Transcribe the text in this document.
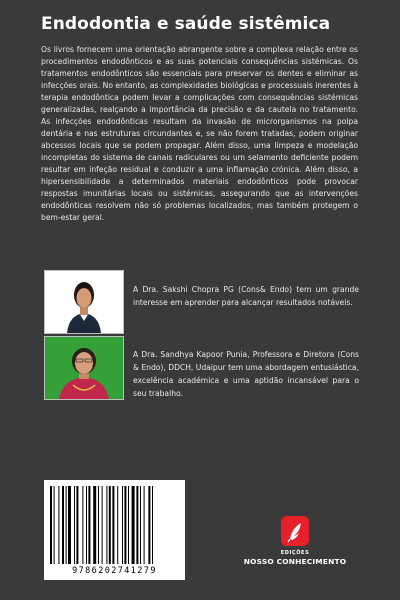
Endodontia e saúde sistêmica
Os livros fornecem uma orientação abrangente sobre a complexa relação entre os procedimentos endodônticos e as suas potenciais consequências sistémicas. Os tratamentos endodônticos são essenciais para preservar os dentes e eliminar as infecções orais. No entanto, as complexidades biológicas e processuais inerentes à terapia endodôntica podem levar a complicações com consequências sistémicas generalizadas, realçando a importância da precisão e da cautela no tratamento. As infecções endodônticas resultam da invasão de microrganismos na polpa dentária e nas estruturas circundantes e, se não forem tratadas, podem originar abcessos locais que se podem propagar. Além disso, uma limpeza e modelação incompletas do sistema de canais radiculares ou um selamento deficiente podem resultar em infeção residual e conduzir a uma inflamação crónica. Além disso, a hipersensibilidade a determinados materiais endodônticos pode provocar respostas imunitárias locais ou sistémicas, assegurando que as intervenções endodônticas resolvem não só problemas localizados, mas também protegem o bem-estar geral.
A Dra. Sakshi Chopra PG (Cons& Endo) tem um grande interesse em aprender para alcançar resultados notáveis.
A Dra. Sandhya Kapoor Punia, Professora e Diretora (Cons & Endo), DDCH, Udaipur tem uma abordagem entusiástica, excelência académica e uma aptidão incansável para o seu trabalho.
9786202741279
EDIÇÕES
NOSSO CONHECIMENTO
